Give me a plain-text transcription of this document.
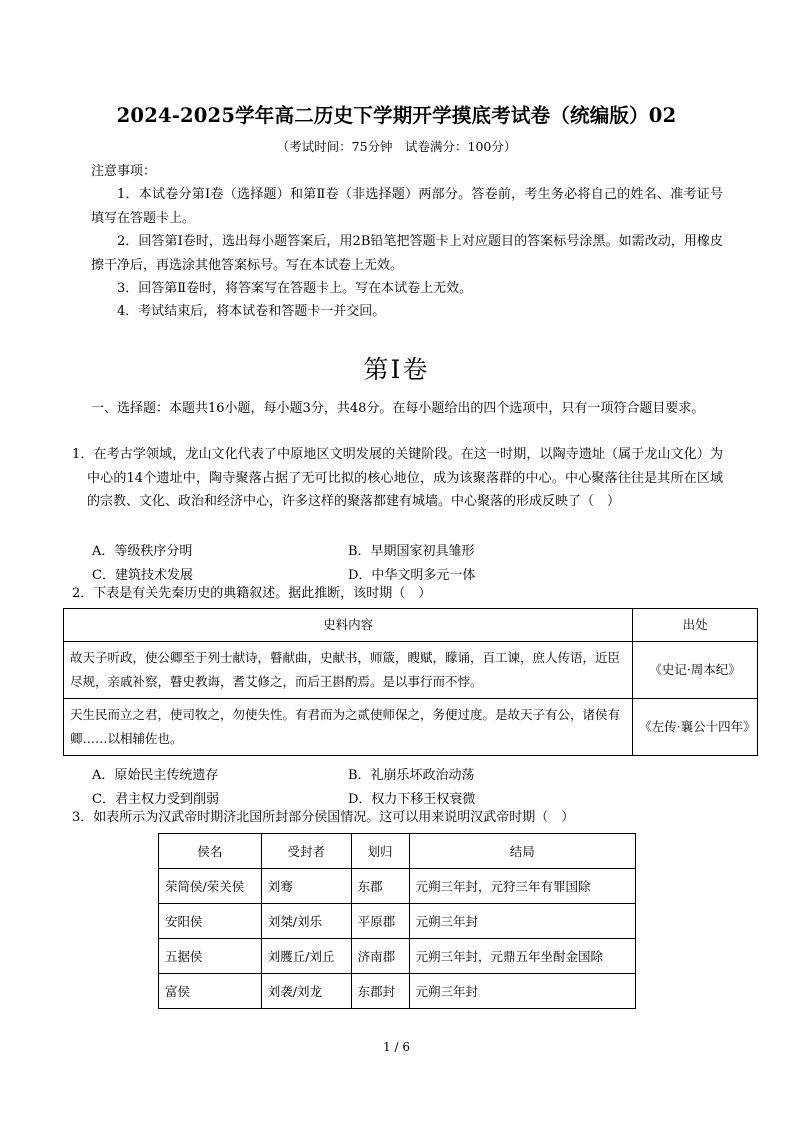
2024-2025学年高二历史下学期开学摸底考试卷（统编版）02
（考试时间：75分钟　试卷满分：100分）
注意事项：
1．本试卷分第Ⅰ卷（选择题）和第Ⅱ卷（非选择题）两部分。答卷前，考生务必将自己的姓名、准考证号填写在答题卡上。
2．回答第Ⅰ卷时，选出每小题答案后，用2B铅笔把答题卡上对应题目的答案标号涂黑。如需改动，用橡皮擦干净后，再选涂其他答案标号。写在本试卷上无效。
3．回答第Ⅱ卷时，将答案写在答题卡上。写在本试卷上无效。
4．考试结束后，将本试卷和答题卡一并交回。
第Ⅰ卷
一、选择题：本题共16小题，每小题3分，共48分。在每小题给出的四个选项中，只有一项符合题目要求。
1．在考古学领域，龙山文化代表了中原地区文明发展的关键阶段。在这一时期，以陶寺遗址（属于龙山文化）为中心的14个遗址中，陶寺聚落占据了无可比拟的核心地位，成为该聚落群的中心。中心聚落往往是其所在区域的宗教、文化、政治和经济中心，许多这样的聚落都建有城墙。中心聚落的形成反映了（　）
A．等级秩序分明	B．早期国家初具雏形
C．建筑技术发展	D．中华文明多元一体
2．下表是有关先秦历史的典籍叙述。据此推断，该时期（　）
史料内容	出处
故天子听政，使公卿至于列士献诗，瞽献曲，史献书，师箴，瞍赋，矇诵，百工谏，庶人传语，近臣尽规，亲戚补察，瞽史教诲，耆艾修之，而后王斟酌焉。是以事行而不悖。	《史记·周本纪》
天生民而立之君，使司牧之，勿使失性。有君而为之贰使师保之，务便过度。是故天子有公，诸侯有卿……以相辅佐也。	《左传·襄公十四年》
A．原始民主传统遗存	B．礼崩乐坏政治动荡
C．君主权力受到削弱	D．权力下移王权衰微
3．如表所示为汉武帝时期济北国所封部分侯国情况。这可以用来说明汉武帝时期（　）
侯名	受封者	划归	结局
荣简侯/荣关侯	刘骞	东郡	元朔三年封，元狩三年有罪国除
安阳侯	刘桀/刘乐	平原郡	元朔三年封
五据侯	刘臒丘/刘丘	济南郡	元朔三年封，元鼎五年坐酎金国除
富侯	刘袭/刘龙	东郡封	元朔三年封
1 / 6
